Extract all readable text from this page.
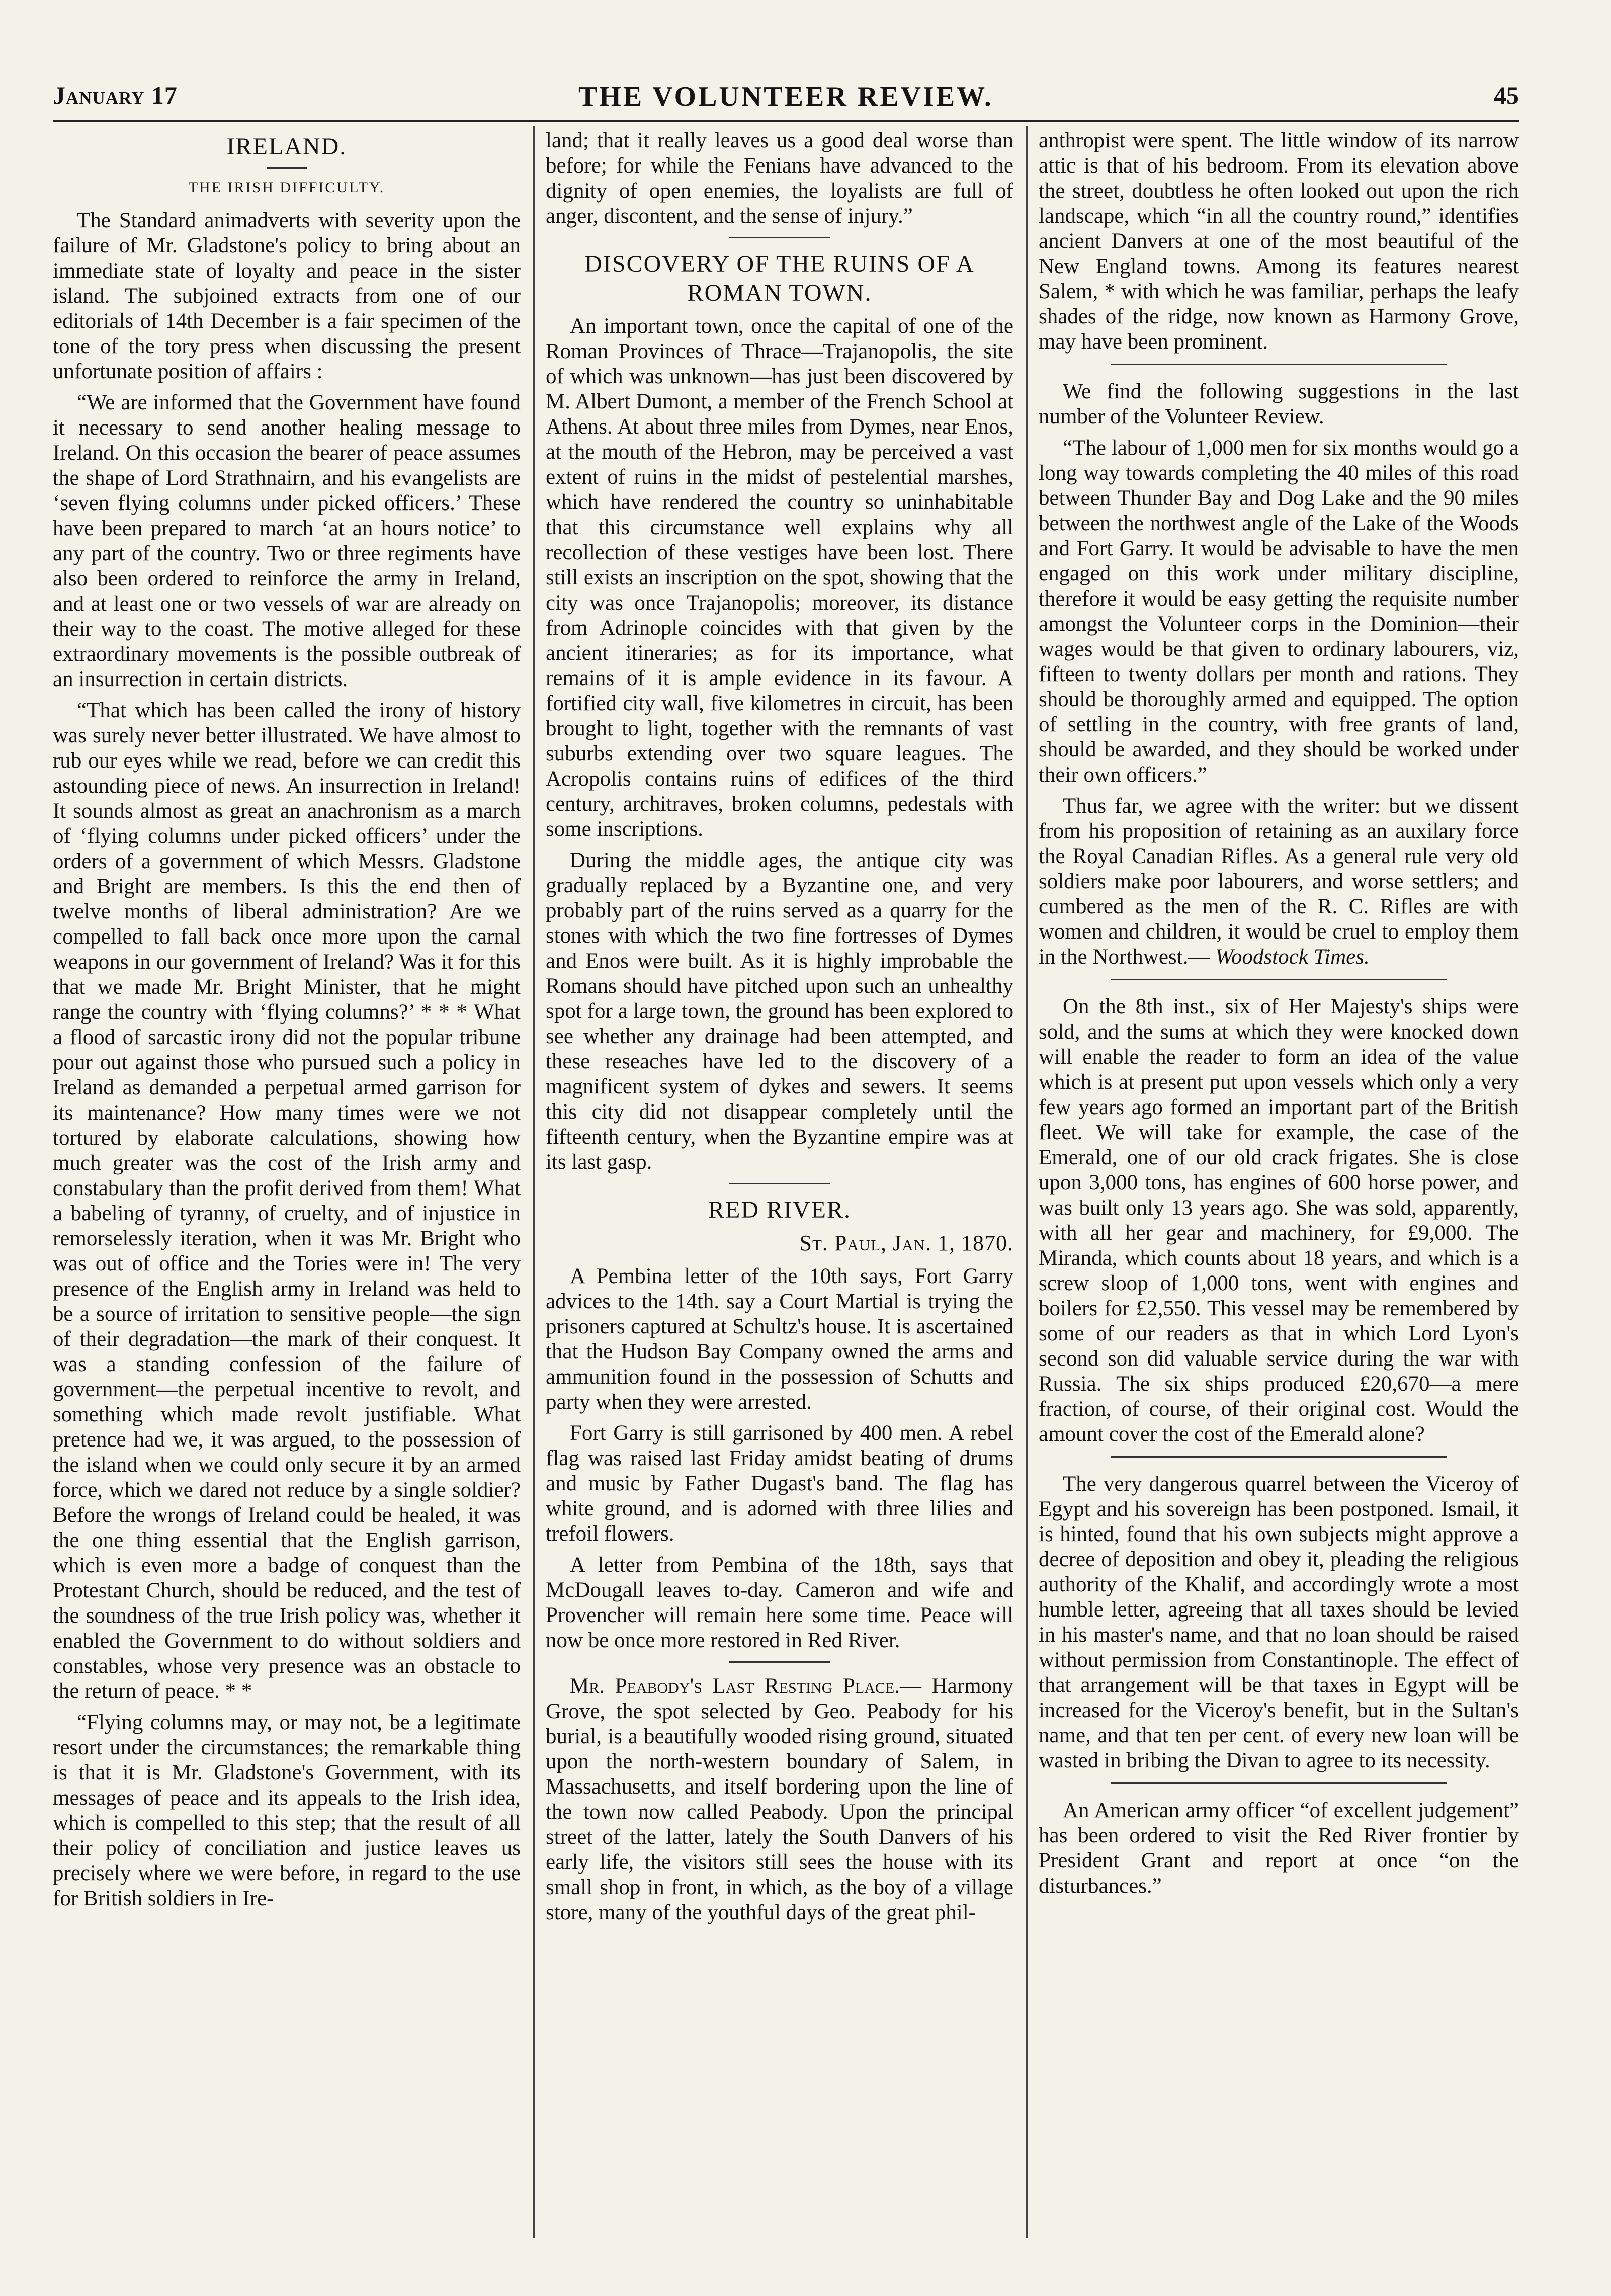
January 17	THE VOLUNTEER REVIEW.	45
IRELAND.
THE IRISH DIFFICULTY.

The Standard animadverts with severity upon the failure of Mr. Gladstone's policy to bring about an immediate state of loyalty and peace in the sister island. The subjoined extracts from one of our editorials of 14th December is a fair specimen of the tone of the tory press when discussing the present unfortunate position of affairs :

“We are informed that the Government have found it necessary to send another healing message to Ireland. On this occasion the bearer of peace assumes the shape of Lord Strathnairn, and his evangelists are ‘seven flying columns under picked officers.’ These have been prepared to march ‘at an hours notice’ to any part of the country. Two or three regiments have also been ordered to reinforce the army in Ireland, and at least one or two vessels of war are already on their way to the coast. The motive alleged for these extraordinary movements is the possible outbreak of an insurrection in certain districts.

“That which has been called the irony of history was surely never better illustrated. We have almost to rub our eyes while we read, before we can credit this astounding piece of news. An insurrection in Ireland! It sounds almost as great an anachronism as a march of ‘flying columns under picked officers’ under the orders of a government of which Messrs. Gladstone and Bright are members. Is this the end then of twelve months of liberal administration? Are we compelled to fall back once more upon the carnal weapons in our government of Ireland? Was it for this that we made Mr. Bright Minister, that he might range the country with ‘flying columns?’ * * * What a flood of sarcastic irony did not the popular tribune pour out against those who pursued such a policy in Ireland as demanded a perpetual armed garrison for its maintenance? How many times were we not tortured by elaborate calculations, showing how much greater was the cost of the Irish army and constabulary than the profit derived from them! What a babeling of tyranny, of cruelty, and of injustice in remorselessly iteration, when it was Mr. Bright who was out of office and the Tories were in! The very presence of the English army in Ireland was held to be a source of irritation to sensitive people—the sign of their degradation—the mark of their conquest. It was a standing confession of the failure of government—the perpetual incentive to revolt, and something which made revolt justifiable. What pretence had we, it was argued, to the possession of the island when we could only secure it by an armed force, which we dared not reduce by a single soldier? Before the wrongs of Ireland could be healed, it was the one thing essential that the English garrison, which is even more a badge of conquest than the Protestant Church, should be reduced, and the test of the soundness of the true Irish policy was, whether it enabled the Government to do without soldiers and constables, whose very presence was an obstacle to the return of peace. * *

“Flying columns may, or may not, be a legitimate resort under the circumstances; the remarkable thing is that it is Mr. Gladstone's Government, with its messages of peace and its appeals to the Irish idea, which is compelled to this step; that the result of all their policy of conciliation and justice leaves us precisely where we were before, in regard to the use for British soldiers in Ire-

land; that it really leaves us a good deal worse than before; for while the Fenians have advanced to the dignity of open enemies, the loyalists are full of anger, discontent, and the sense of injury.”

DISCOVERY OF THE RUINS OF A ROMAN TOWN.

An important town, once the capital of one of the Roman Provinces of Thrace—Trajanopolis, the site of which was unknown—has just been discovered by M. Albert Dumont, a member of the French School at Athens. At about three miles from Dymes, near Enos, at the mouth of the Hebron, may be perceived a vast extent of ruins in the midst of pestelential marshes, which have rendered the country so uninhabitable that this circumstance well explains why all recollection of these vestiges have been lost. There still exists an inscription on the spot, showing that the city was once Trajanopolis; moreover, its distance from Adrinople coincides with that given by the ancient itineraries; as for its importance, what remains of it is ample evidence in its favour. A fortified city wall, five kilometres in circuit, has been brought to light, together with the remnants of vast suburbs extending over two square leagues. The Acropolis contains ruins of edifices of the third century, architraves, broken columns, pedestals with some inscriptions.

During the middle ages, the antique city was gradually replaced by a Byzantine one, and very probably part of the ruins served as a quarry for the stones with which the two fine fortresses of Dymes and Enos were built. As it is highly improbable the Romans should have pitched upon such an unhealthy spot for a large town, the ground has been explored to see whether any drainage had been attempted, and these reseaches have led to the discovery of a magnificent system of dykes and sewers. It seems this city did not disappear completely until the fifteenth century, when the Byzantine empire was at its last gasp.

RED RIVER.
St. Paul, Jan. 1, 1870.

A Pembina letter of the 10th says, Fort Garry advices to the 14th. say a Court Martial is trying the prisoners captured at Schultz's house. It is ascertained that the Hudson Bay Company owned the arms and ammunition found in the possession of Schutts and party when they were arrested.

Fort Garry is still garrisoned by 400 men. A rebel flag was raised last Friday amidst beating of drums and music by Father Dugast's band. The flag has white ground, and is adorned with three lilies and trefoil flowers.

A letter from Pembina of the 18th, says that McDougall leaves to-day. Cameron and wife and Provencher will remain here some time. Peace will now be once more restored in Red River.

Mr. Peabody's Last Resting Place.— Harmony Grove, the spot selected by Geo. Peabody for his burial, is a beautifully wooded rising ground, situated upon the north-western boundary of Salem, in Massachusetts, and itself bordering upon the line of the town now called Peabody. Upon the principal street of the latter, lately the South Danvers of his early life, the visitors still sees the house with its small shop in front, in which, as the boy of a village store, many of the youthful days of the great phil-

anthropist were spent. The little window of its narrow attic is that of his bedroom. From its elevation above the street, doubtless he often looked out upon the rich landscape, which “in all the country round,” identifies ancient Danvers at one of the most beautiful of the New England towns. Among its features nearest Salem, * with which he was familiar, perhaps the leafy shades of the ridge, now known as Harmony Grove, may have been prominent.

We find the following suggestions in the last number of the Volunteer Review.

“The labour of 1,000 men for six months would go a long way towards completing the 40 miles of this road between Thunder Bay and Dog Lake and the 90 miles between the northwest angle of the Lake of the Woods and Fort Garry. It would be advisable to have the men engaged on this work under military discipline, therefore it would be easy getting the requisite number amongst the Volunteer corps in the Dominion—their wages would be that given to ordinary labourers, viz, fifteen to twenty dollars per month and rations. They should be thoroughly armed and equipped. The option of settling in the country, with free grants of land, should be awarded, and they should be worked under their own officers.”

Thus far, we agree with the writer: but we dissent from his proposition of retaining as an auxilary force the Royal Canadian Rifles. As a general rule very old soldiers make poor labourers, and worse settlers; and cumbered as the men of the R. C. Rifles are with women and children, it would be cruel to employ them in the Northwest.— Woodstock Times.

On the 8th inst., six of Her Majesty's ships were sold, and the sums at which they were knocked down will enable the reader to form an idea of the value which is at present put upon vessels which only a very few years ago formed an important part of the British fleet. We will take for example, the case of the Emerald, one of our old crack frigates. She is close upon 3,000 tons, has engines of 600 horse power, and was built only 13 years ago. She was sold, apparently, with all her gear and machinery, for £9,000. The Miranda, which counts about 18 years, and which is a screw sloop of 1,000 tons, went with engines and boilers for £2,550. This vessel may be remembered by some of our readers as that in which Lord Lyon's second son did valuable service during the war with Russia. The six ships produced £20,670—a mere fraction, of course, of their original cost. Would the amount cover the cost of the Emerald alone?

The very dangerous quarrel between the Viceroy of Egypt and his sovereign has been postponed. Ismail, it is hinted, found that his own subjects might approve a decree of deposition and obey it, pleading the religious authority of the Khalif, and accordingly wrote a most humble letter, agreeing that all taxes should be levied in his master's name, and that no loan should be raised without permission from Constantinople. The effect of that arrangement will be that taxes in Egypt will be increased for the Viceroy's benefit, but in the Sultan's name, and that ten per cent. of every new loan will be wasted in bribing the Divan to agree to its necessity.

An American army officer “of excellent judgement” has been ordered to visit the Red River frontier by President Grant and report at once “on the disturbances.”
